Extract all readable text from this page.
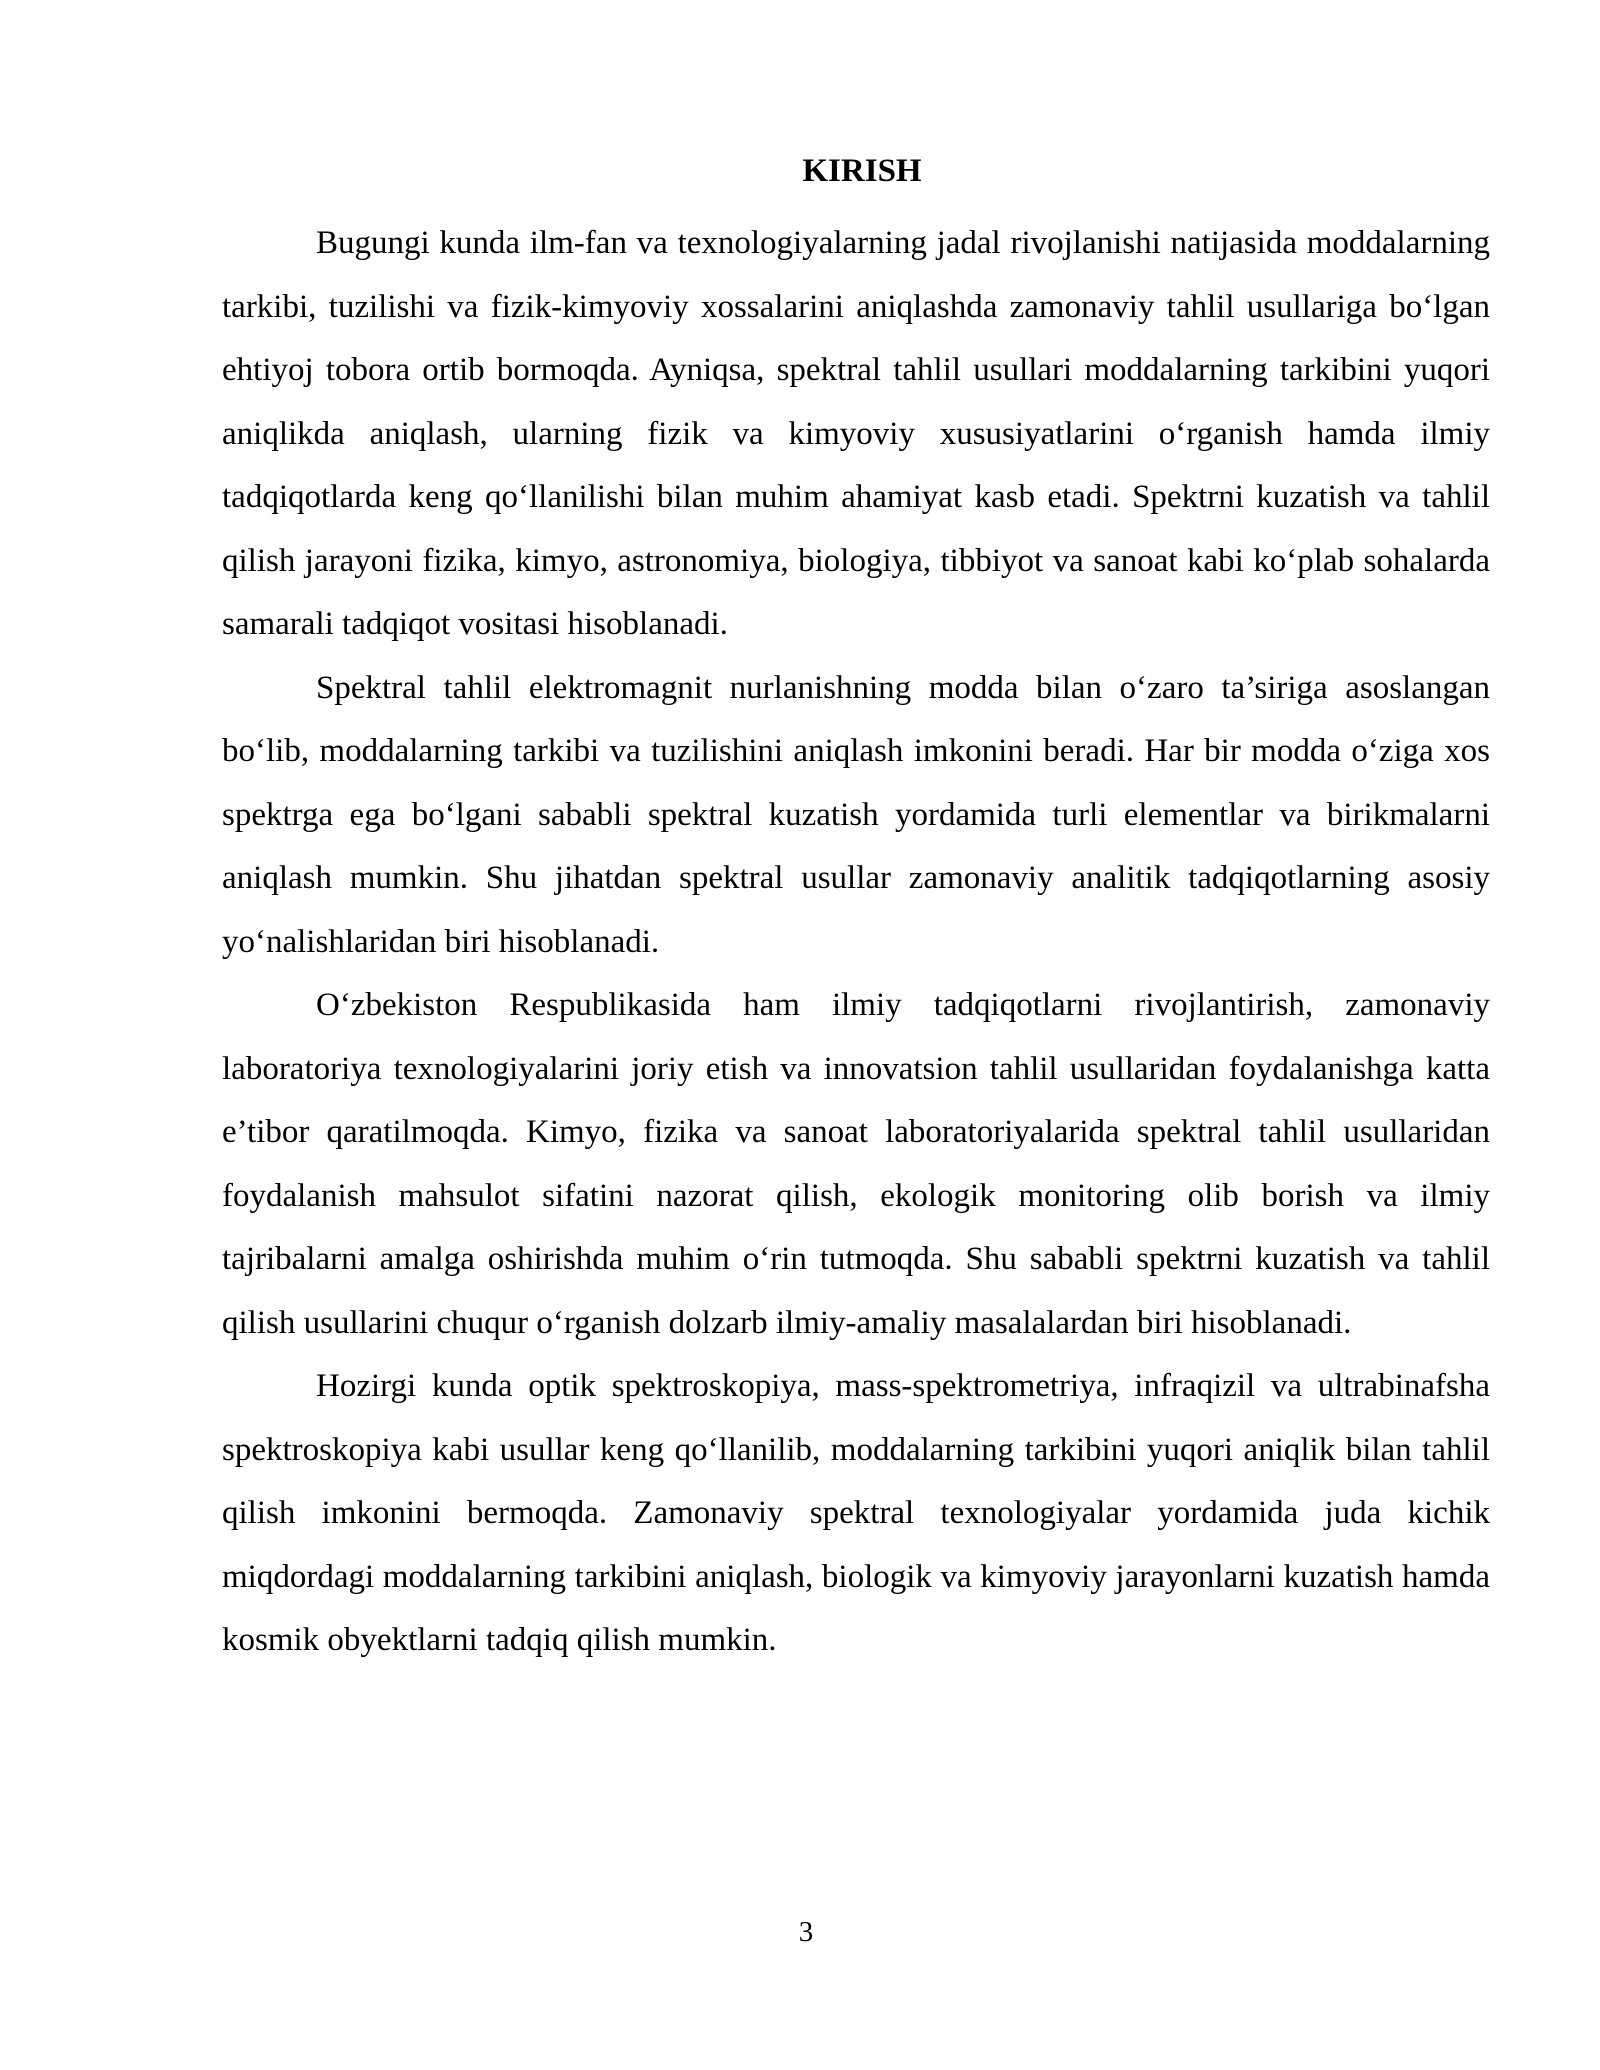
KIRISH

Bugungi kunda ilm-fan va texnologiyalarning jadal rivojlanishi natijasida moddalarning tarkibi, tuzilishi va fizik-kimyoviy xossalarini aniqlashda zamonaviy tahlil usullariga bo‘lgan ehtiyoj tobora ortib bormoqda. Ayniqsa, spektral tahlil usullari moddalarning tarkibini yuqori aniqlikda aniqlash, ularning fizik va kimyoviy xususiyatlarini o‘rganish hamda ilmiy tadqiqotlarda keng qo‘llanilishi bilan muhim ahamiyat kasb etadi. Spektrni kuzatish va tahlil qilish jarayoni fizika, kimyo, astronomiya, biologiya, tibbiyot va sanoat kabi ko‘plab sohalarda samarali tadqiqot vositasi hisoblanadi.

Spektral tahlil elektromagnit nurlanishning modda bilan o‘zaro ta’siriga asoslangan bo‘lib, moddalarning tarkibi va tuzilishini aniqlash imkonini beradi. Har bir modda o‘ziga xos spektrga ega bo‘lgani sababli spektral kuzatish yordamida turli elementlar va birikmalarni aniqlash mumkin. Shu jihatdan spektral usullar zamonaviy analitik tadqiqotlarning asosiy yo‘nalishlaridan biri hisoblanadi.

O‘zbekiston Respublikasida ham ilmiy tadqiqotlarni rivojlantirish, zamonaviy laboratoriya texnologiyalarini joriy etish va innovatsion tahlil usullaridan foydalanishga katta e’tibor qaratilmoqda. Kimyo, fizika va sanoat laboratoriyalarida spektral tahlil usullaridan foydalanish mahsulot sifatini nazorat qilish, ekologik monitoring olib borish va ilmiy tajribalarni amalga oshirishda muhim o‘rin tutmoqda. Shu sababli spektrni kuzatish va tahlil qilish usullarini chuqur o‘rganish dolzarb ilmiy-amaliy masalalardan biri hisoblanadi.

Hozirgi kunda optik spektroskopiya, mass-spektrometriya, infraqizil va ultrabinafsha spektroskopiya kabi usullar keng qo‘llanilib, moddalarning tarkibini yuqori aniqlik bilan tahlil qilish imkonini bermoqda. Zamonaviy spektral texnologiyalar yordamida juda kichik miqdordagi moddalarning tarkibini aniqlash, biologik va kimyoviy jarayonlarni kuzatish hamda kosmik obyektlarni tadqiq qilish mumkin.

3
